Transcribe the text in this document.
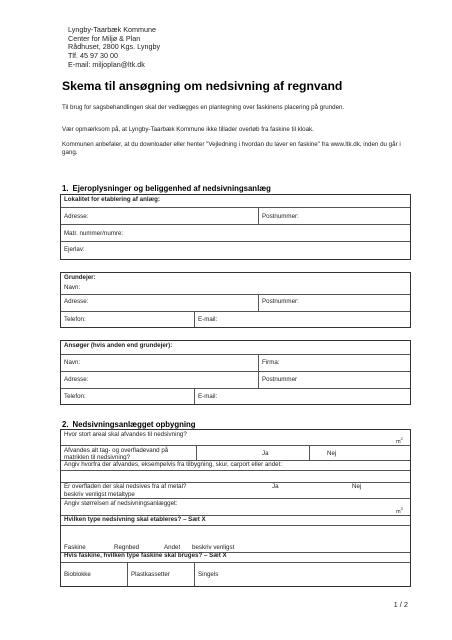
Lyngby-Taarbæk Kommune
Center for Miljø & Plan
Rådhuset, 2800 Kgs. Lyngby
Tlf. 45 97 30 00
E-mail: miljoplan@ltk.dk
Skema til ansøgning om nedsivning af regnvand
Til brug for sagsbehandlingen skal der vedlægges en plantegning over faskinens placering på grunden.
Vær opmærksom på, at Lyngby-Taarbæk Kommune ikke tillader overløb fra faskine til kloak.
Kommunen anbefaler, at du downloader eller henter "Vejledning i hvordan du laver en faskine" fra www.ltk.dk, inden du går i gang.
1. Ejeroplysninger og beliggenhed af nedsivningsanlæg
Lokalitet for etablering af anlæg:
Adresse:	Postnummer:
Matr. nummer/numre:
Ejerlav:
Grundejer:
Navn:
Adresse:	Postnummer:
Telefon:	E-mail:
Ansøger (hvis anden end grundejer):
Navn:	Firma:
Adresse:	Postnummer
Telefon:	E-mail:
2. Nedsivningsanlægget opbygning
Hvor stort areal skal afvandes til nedsivning?
$m^2$
Afvandes alt tag- og overfladevand på
matriklen til nedsivning?
Ja	Nej
Angiv hvorfra der afvandes, eksempelvis fra tilbygning, skur, carport eller andet:
Er overfladen der skal nedsives fra af metal?	Ja	Nej
beskriv venligst metaltype
Angiv størrelsen af nedsivningsanlægget:
$m^3$
Hvilken type nedsivning skal etableres? – Sæt X
Faskine	Regnbed	Andet	beskriv venligst
Hvis faskine, hvilken type faskine skal bruges? – Sæt X
Bioblokke	Plastkassetter	Singels
1 / 2
